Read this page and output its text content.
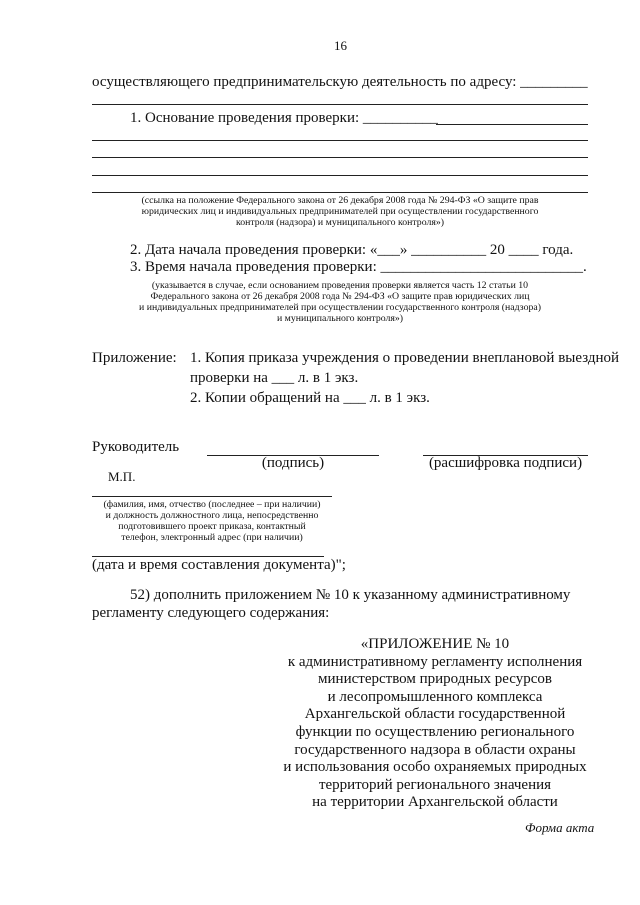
16
осуществляющего предпринимательскую деятельность по адресу: _________
1. Основание проведения проверки: __________
(ссылка на положение Федерального закона от 26 декабря 2008 года № 294-ФЗ «О защите прав
юридических лиц и индивидуальных предпринимателей при осуществлении государственного
контроля (надзора) и муниципального контроля»)
2. Дата начала проведения проверки: «___» __________ 20 ____ года.
3. Время начала проведения проверки: ___________________________.
(указывается в случае, если основанием проведения проверки является часть 12 статьи 10
Федерального закона от 26 декабря 2008 года № 294-ФЗ «О защите прав юридических лиц
и индивидуальных предпринимателей при осуществлении государственного контроля (надзора)
и муниципального контроля»)
Приложение: 1. Копия приказа учреждения о проведении внеплановой выездной
проверки на ___ л. в 1 экз.
2. Копии обращений на ___ л. в 1 экз.
Руководитель
(подпись)	(расшифровка подписи)
М.П.
(фамилия, имя, отчество (последнее – при наличии)
и должность должностного лица, непосредственно
подготовившего проект приказа, контактный
телефон, электронный адрес (при наличии)
(дата и время составления документа)";
52) дополнить приложением № 10 к указанному административному
регламенту следующего содержания:
«ПРИЛОЖЕНИЕ № 10
к административному регламенту исполнения
министерством природных ресурсов
и лесопромышленного комплекса
Архангельской области государственной
функции по осуществлению регионального
государственного надзора в области охраны
и использования особо охраняемых природных
территорий регионального значения
на территории Архангельской области
Форма акта
